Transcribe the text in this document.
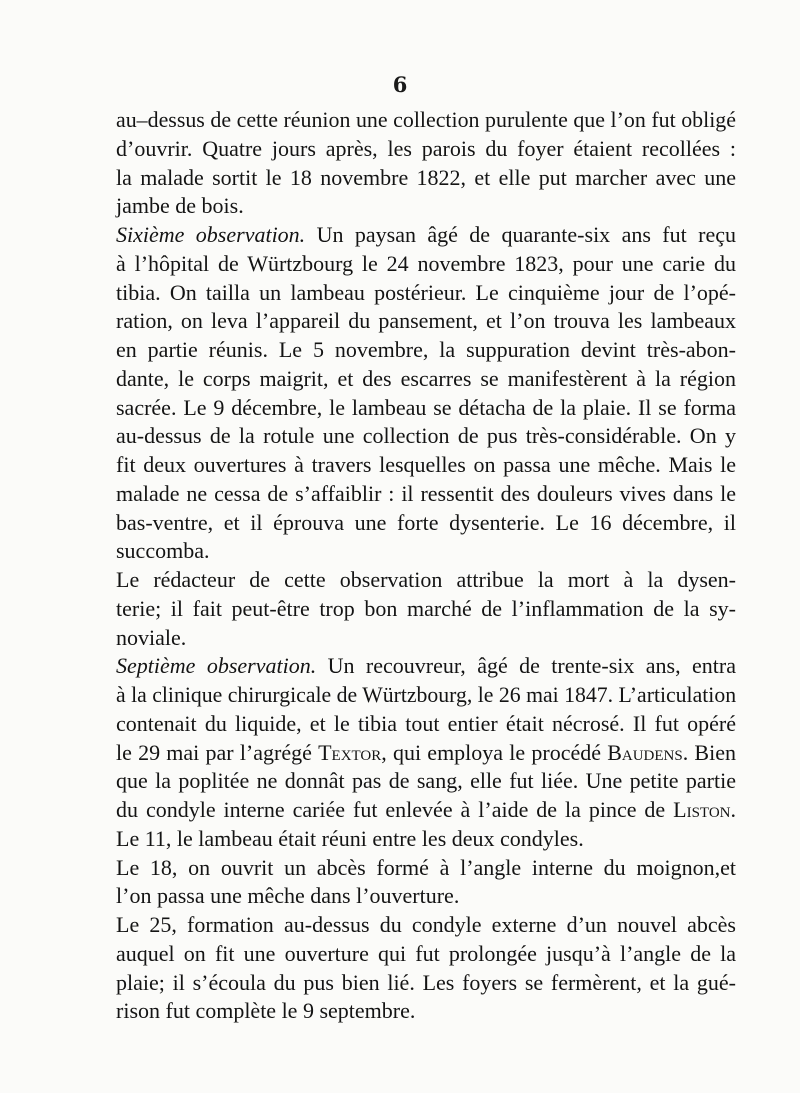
6

au–dessus de cette réunion une collection purulente que l’on fut obligé
d’ouvrir. Quatre jours après, les parois du foyer étaient recollées :
la malade sortit le 18 novembre 1822, et elle put marcher avec une
jambe de bois.
Sixième observation. Un paysan âgé de quarante-six ans fut reçu
à l’hôpital de Würtzbourg le 24 novembre 1823, pour une carie du
tibia. On tailla un lambeau postérieur. Le cinquième jour de l’opé-
ration, on leva l’appareil du pansement, et l’on trouva les lambeaux
en partie réunis. Le 5 novembre, la suppuration devint très-abon-
dante, le corps maigrit, et des escarres se manifestèrent à la région
sacrée. Le 9 décembre, le lambeau se détacha de la plaie. Il se forma
au-dessus de la rotule une collection de pus très-considérable. On y
fit deux ouvertures à travers lesquelles on passa une mêche. Mais le
malade ne cessa de s’affaiblir : il ressentit des douleurs vives dans le
bas-ventre, et il éprouva une forte dysenterie. Le 16 décembre, il
succomba.
Le rédacteur de cette observation attribue la mort à la dysen-
terie; il fait peut-être trop bon marché de l’inflammation de la sy-
noviale.
Septième observation. Un recouvreur, âgé de trente-six ans, entra
à la clinique chirurgicale de Würtzbourg, le 26 mai 1847. L’articulation
contenait du liquide, et le tibia tout entier était nécrosé. Il fut opéré
le 29 mai par l’agrégé Textor, qui employa le procédé Baudens. Bien
que la poplitée ne donnât pas de sang, elle fut liée. Une petite partie
du condyle interne cariée fut enlevée à l’aide de la pince de Liston.
Le 11, le lambeau était réuni entre les deux condyles.
Le 18, on ouvrit un abcès formé à l’angle interne du moignon,et
l’on passa une mêche dans l’ouverture.
Le 25, formation au-dessus du condyle externe d’un nouvel abcès
auquel on fit une ouverture qui fut prolongée jusqu’à l’angle de la
plaie; il s’écoula du pus bien lié. Les foyers se fermèrent, et la gué-
rison fut complète le 9 septembre.
